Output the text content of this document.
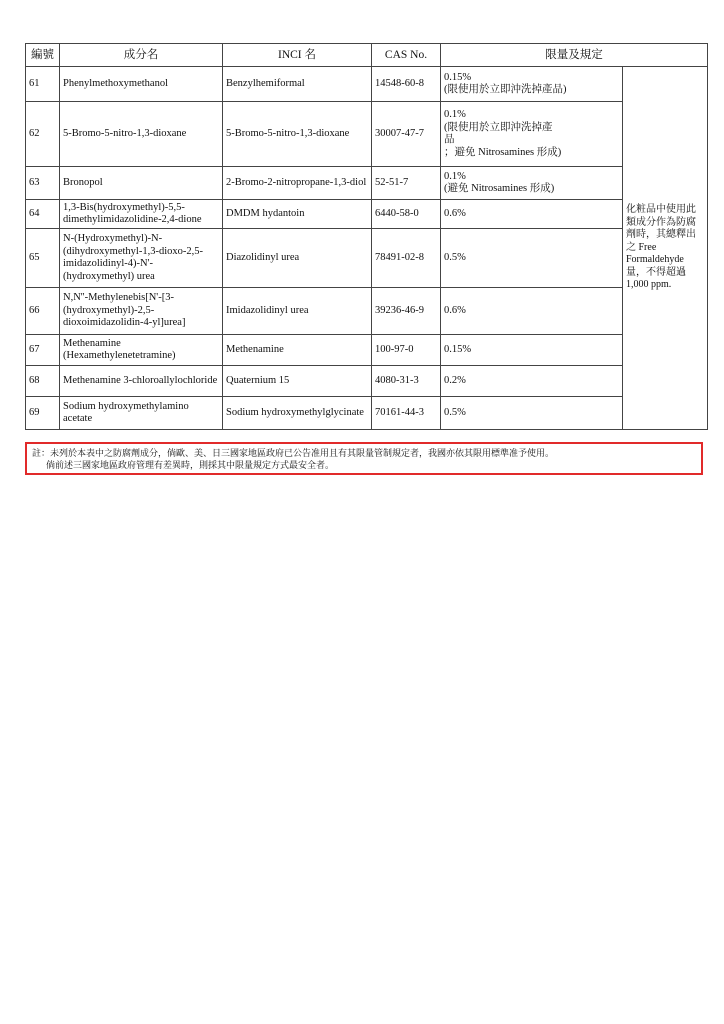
編號	成分名	INCI 名	CAS No.	限量及規定	
61	Phenylmethoxymethanol	Benzylhemiformal	14548-60-8	0.15%
(限使用於立即沖洗掉產品)	化粧品中使用此類成分作為防腐劑時，其總釋出之 Free Formaldehyde 量，不得超過 1,000 ppm.
62	5-Bromo-5-nitro-1,3-dioxane	5-Bromo-5-nitro-1,3-dioxane	30007-47-7	0.1%
(限使用於立即沖洗掉產
品
；避免 Nitrosamines 形成)	

63	Bronopol	2-Bromo-2-nitropropane-1,3-diol	52-51-7	0.1%
(避免 Nitrosamines 形成)	

64	1,3-Bis(hydroxymethyl)-5,5-dimethylimidazolidine-2,4-dione	DMDM hydantoin	6440-58-0	0.6%	

65	N-(Hydroxymethyl)-N-(dihydroxymethyl-1,3-dioxo-2,5-imidazolidinyl-4)-N'-(hydroxymethyl) urea	Diazolidinyl urea	78491-02-8	0.5%	

66	N,N''-Methylenebis[N'-[3-(hydroxymethyl)-2,5-dioxoimidazolidin-4-yl]urea]	Imidazolidinyl urea	39236-46-9	0.6%	

67	Methenamine (Hexamethylenetetramine)	Methenamine	100-97-0	0.15%	

68	Methenamine 3-chloroallylochloride	Quaternium 15	4080-31-3	0.2%	

69	Sodium hydroxymethylamino acetate	Sodium hydroxymethylglycinate	70161-44-3	0.5%	
註：未列於本表中之防腐劑成分，倘歐、美、日三國家地區政府已公告准用且有其限量管制規定者，我國亦依其限用標準准予使用。
倘前述三國家地區政府管理有差異時，則採其中限量規定方式最安全者。
